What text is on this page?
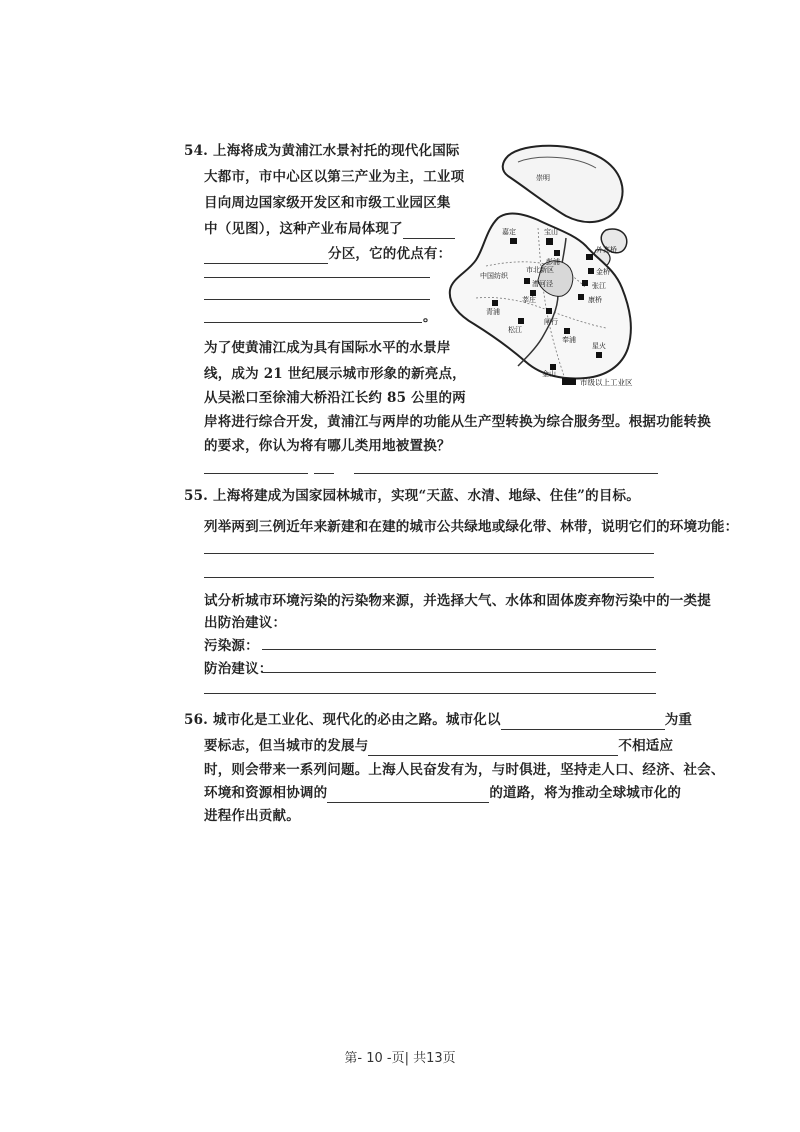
54. 上海将成为黄浦江水景衬托的现代化国际
大都市，市中心区以第三产业为主，工业项
目向周边国家级开发区和市级工业园区集
中（见图），这种产业布局体现了
分区，它的优点有：
。
为了使黄浦江成为具有国际水平的水景岸
线，成为 21 世纪展示城市形象的新亮点，
从吴淞口至徐浦大桥沿江长约 85 公里的两
岸将进行综合开发，黄浦江与两岸的功能从生产型转换为综合服务型。根据功能转换
的要求，你认为将有哪儿类用地被置换？
崇明
嘉定	宝山
彭浦
外高桥
金桥
张江
康桥
中国纺织
漕河泾
市北新区
莘庄
闸行
青浦
松江
奉浦
星火
金山
市级以上工业区
55. 上海将建成为国家园林城市，实现“天蓝、水清、地绿、住佳”的目标。
列举两到三例近年来新建和在建的城市公共绿地或绿化带、林带，说明它们的环境功能：
试分析城市环境污染的污染物来源，并选择大气、水体和固体废弃物污染中的一类提
出防治建议：
污染源：
防治建议：
56. 城市化是工业化、现代化的必由之路。城市化以	为重
要标志，但当城市的发展与	不相适应
时，则会带来一系列问题。上海人民奋发有为，与时俱进，坚持走人口、经济、社会、
环境和资源相协调的	的道路，将为推动全球城市化的
进程作出贡献。
第- 10 -页| 共13页
